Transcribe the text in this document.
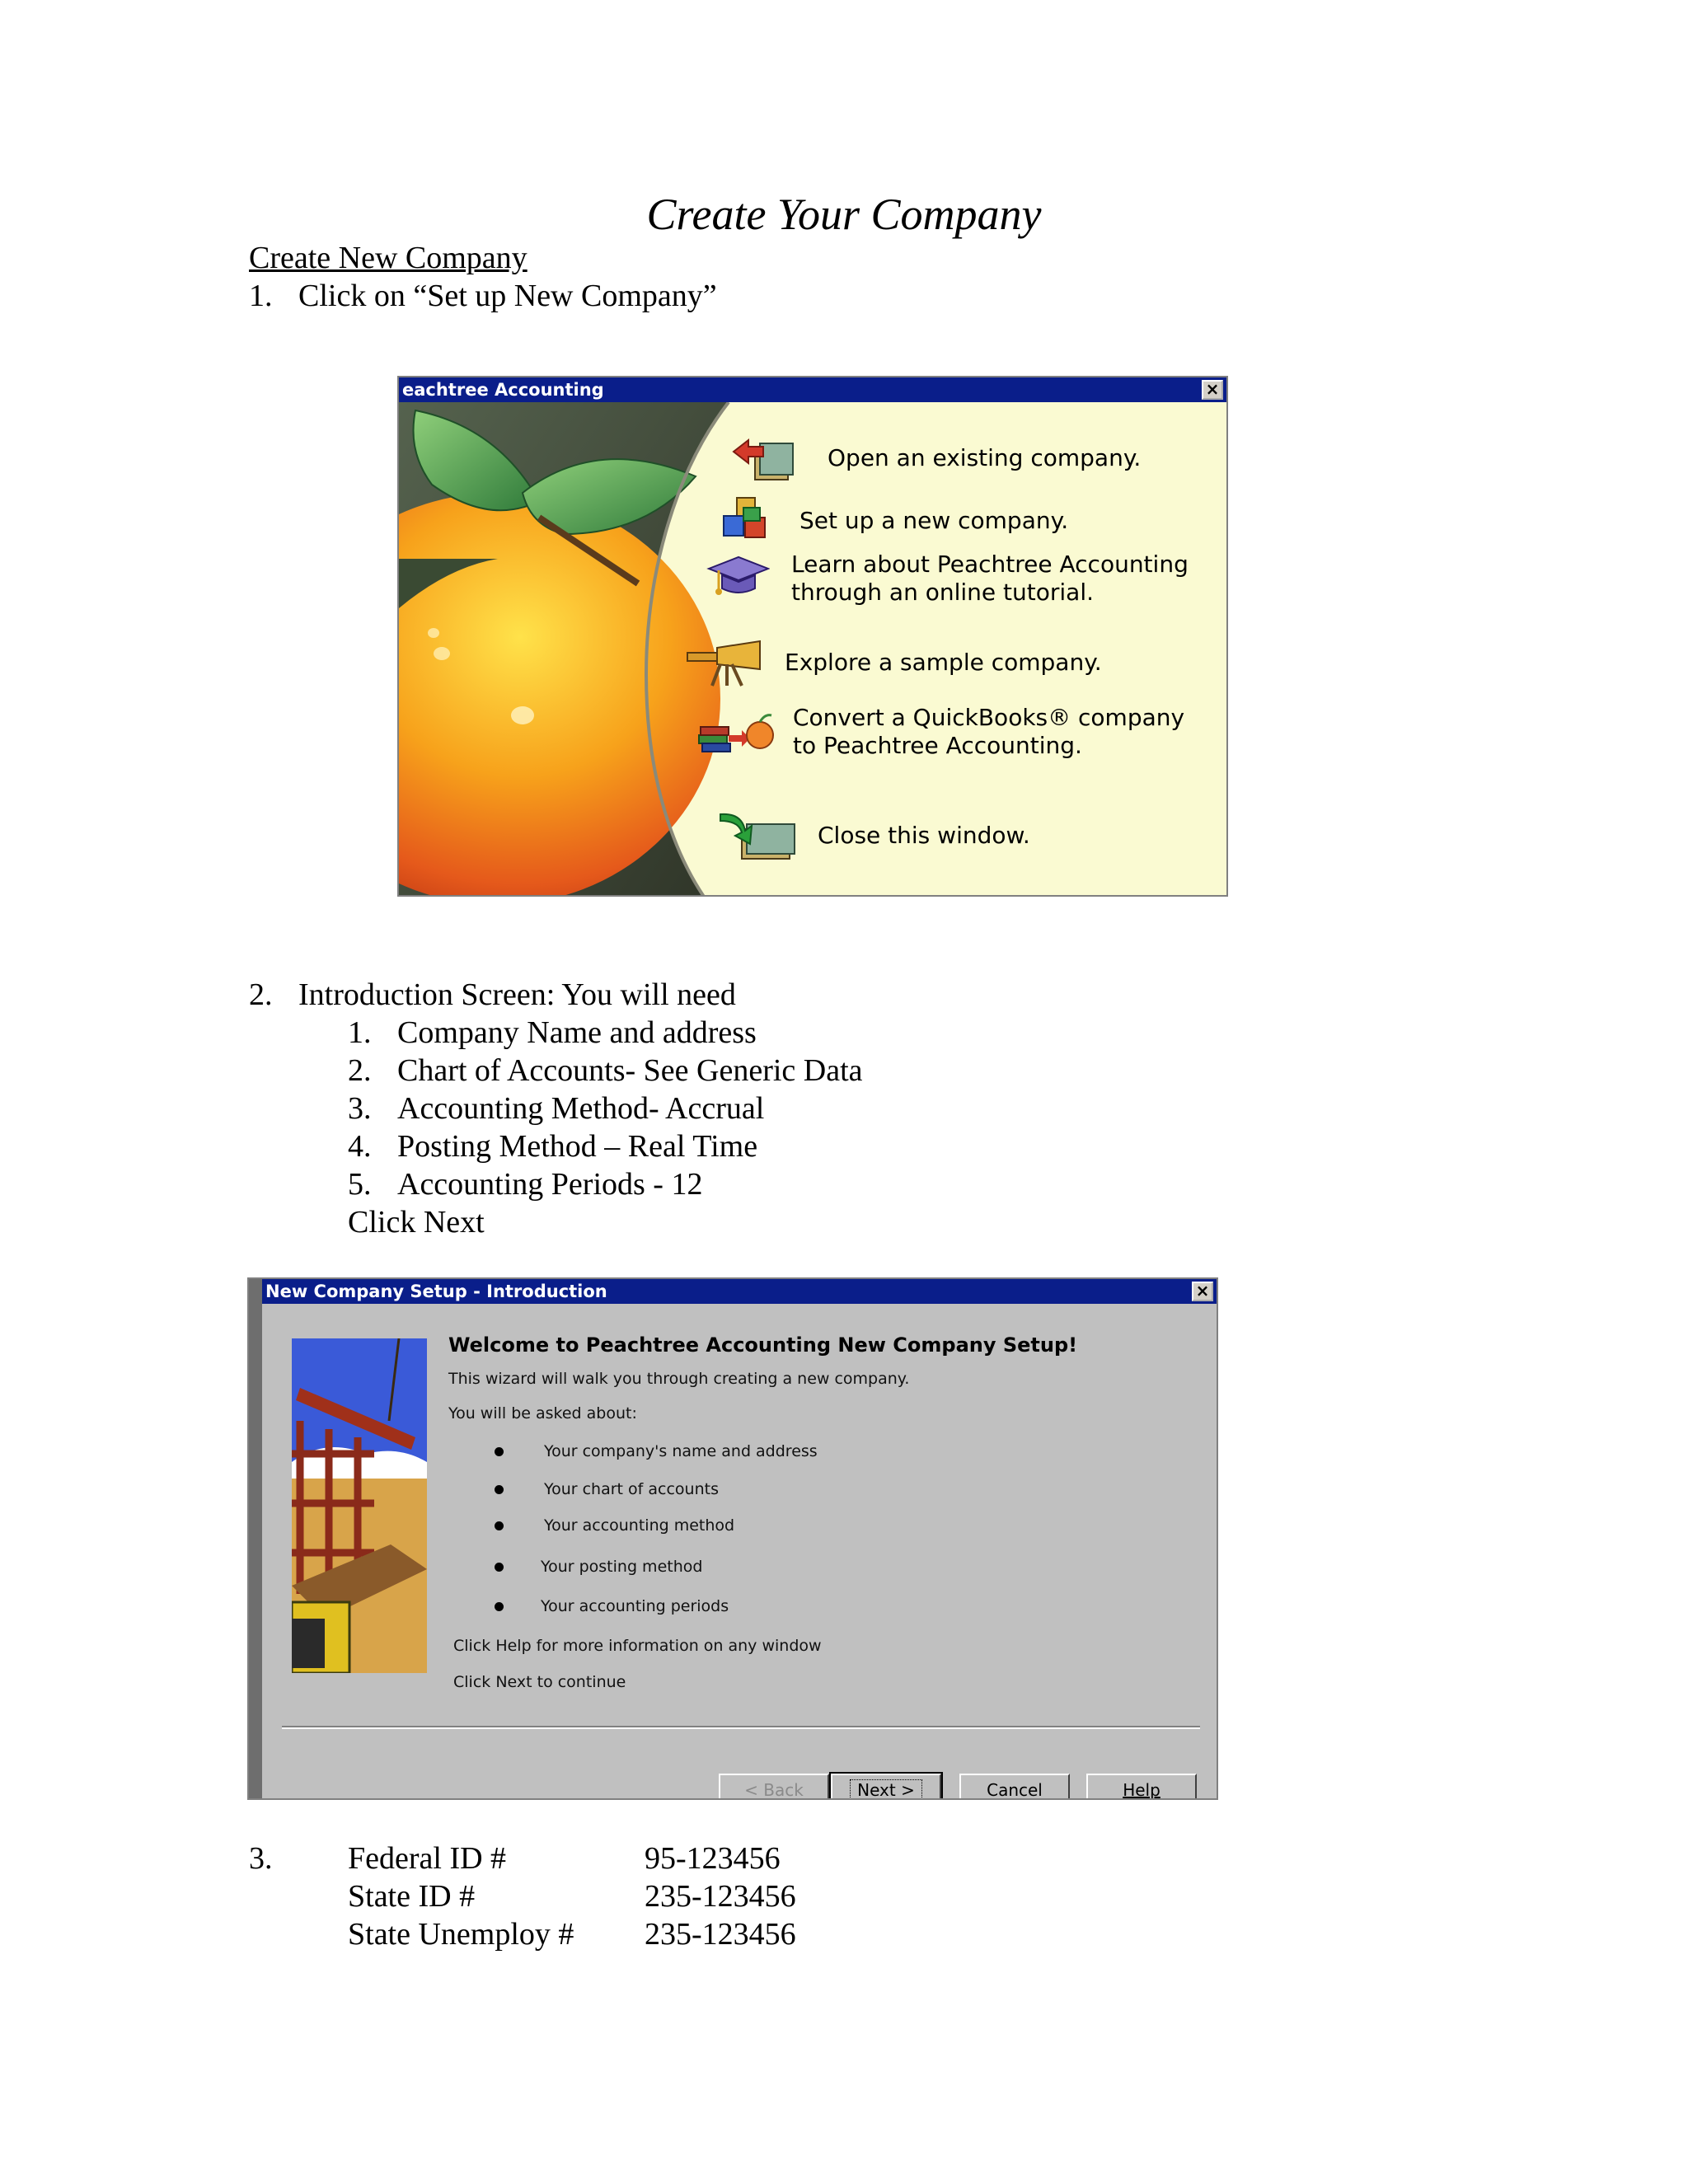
Create Your Company
Create New Company
1. Click on “Set up New Company”
eachtree Accounting	×
Open an existing company.
Set up a new company.
Learn about Peachtree Accounting
through an online tutorial.
Explore a sample company.
Convert a QuickBooks® company
to Peachtree Accounting.
Close this window.
2. Introduction Screen: You will need
1. Company Name and address
2. Chart of Accounts- See Generic Data
3. Accounting Method- Accrual
4. Posting Method – Real Time
5. Accounting Periods - 12
Click Next
New Company Setup - Introduction	×
Welcome to Peachtree Accounting New Company Setup!
This wizard will walk you through creating a new company.
You will be asked about:
Your company's name and address
Your chart of accounts
Your accounting method
Your posting method
Your accounting periods
Click Help for more information on any window
Click Next to continue
< Back	Next >	Cancel	Help
3. Federal ID #	95-123456
State ID #	235-123456
State Unemploy # 235-123456
